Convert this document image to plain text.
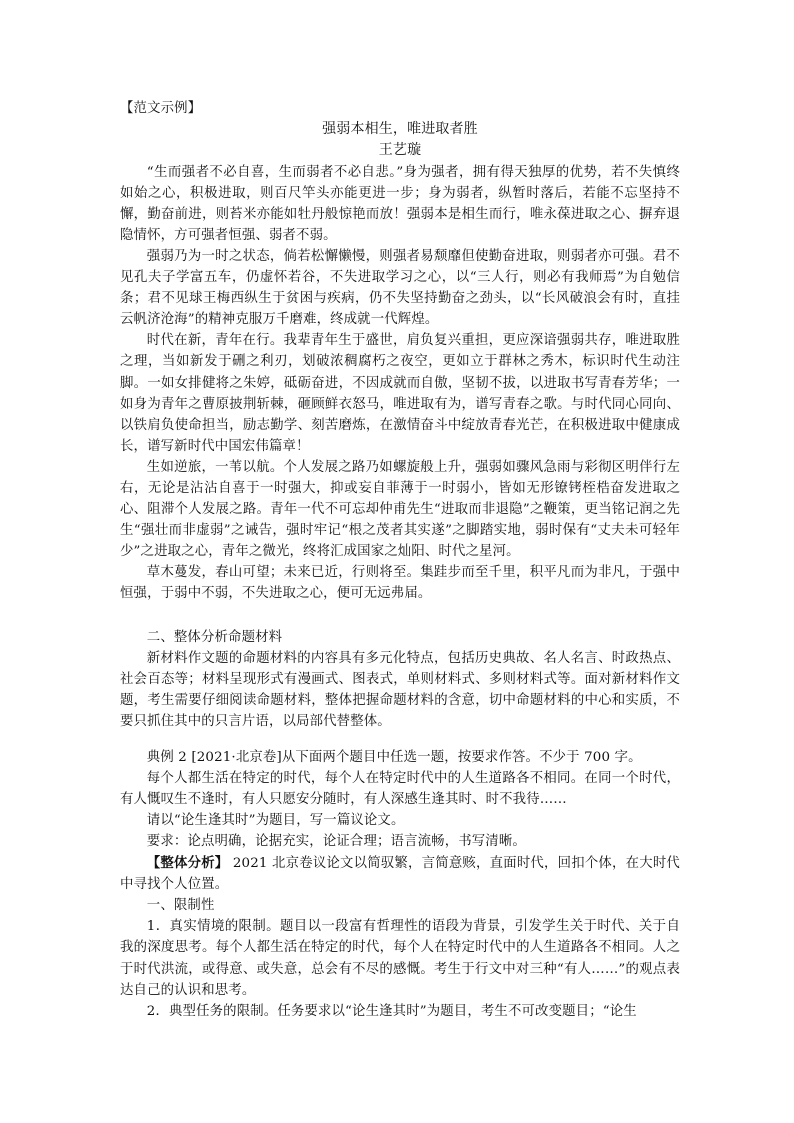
【范文示例】

强弱本相生，唯进取者胜

王艺璇

“生而强者不必自喜，生而弱者不必自悲。”身为强者，拥有得天独厚的优势，若不失慎终如始之心，积极进取，则百尺竿头亦能更进一步；身为弱者，纵暂时落后，若能不忘坚持不懈，勤奋前进，则苔米亦能如牡丹般惊艳而放！强弱本是相生而行，唯永葆进取之心、摒弃退隐情怀，方可强者恒强、弱者不弱。

强弱乃为一时之状态，倘若松懈懒慢，则强者易颓靡但使勤奋进取，则弱者亦可强。君不见孔夫子学富五车，仍虚怀若谷，不失进取学习之心，以“三人行，则必有我师焉”为自勉信条；君不见球王梅西纵生于贫困与疾病，仍不失坚持勤奋之劲头，以“长风破浪会有时，直挂云帆济沧海”的精神克服万千磨难，终成就一代辉煌。

时代在新，青年在行。我辈青年生于盛世，肩负复兴重担，更应深谙强弱共存，唯进取胜之理，当如新发于硎之利刃，划破浓稠腐朽之夜空，更如立于群林之秀木，标识时代生动注脚。一如女排健将之朱婷，砥砺奋进，不因成就而自傲，坚韧不拔，以进取书写青春芳华；一如身为青年之曹原披荆斩棘，砸顾鲜衣怒马，唯进取有为，谱写青春之歌。与时代同心同向、以铁肩负使命担当，励志勤学、刻苦磨炼，在激情奋斗中绽放青春光芒，在积极进取中健康成长，谱写新时代中国宏伟篇章！

生如逆旅，一苇以航。个人发展之路乃如螺旋般上升，强弱如骤风急雨与彩彻区明伴行左右，无论是沾沾自喜于一时强大，抑或妄自菲薄于一时弱小，皆如无形镣铐桎梏奋发进取之心、阻滞个人发展之路。青年一代不可忘却仲甫先生“进取而非退隐”之鞭策，更当铭记润之先生“强壮而非虚弱”之诫告，强时牢记“根之茂者其实遂”之脚踏实地，弱时保有“丈夫未可轻年少”之进取之心，青年之微光，终将汇成国家之灿阳、时代之星河。

草木蔓发，春山可望；未来已近，行则将至。集跬步而至千里，积平凡而为非凡，于强中恒强，于弱中不弱，不失进取之心，便可无远弗届。

二、整体分析命题材料

新材料作文题的命题材料的内容具有多元化特点，包括历史典故、名人名言、时政热点、社会百态等；材料呈现形式有漫画式、图表式，单则材料式、多则材料式等。面对新材料作文题，考生需要仔细阅读命题材料，整体把握命题材料的含意，切中命题材料的中心和实质，不要只抓住其中的只言片语，以局部代替整体。

典例 2 [2021·北京卷]从下面两个题目中任选一题，按要求作答。不少于 700 字。

每个人都生活在特定的时代，每个人在特定时代中的人生道路各不相同。在同一个时代，有人慨叹生不逢时，有人只愿安分随时，有人深感生逢其时、时不我待……

请以“论生逢其时”为题目，写一篇议论文。

要求：论点明确，论据充实，论证合理；语言流畅，书写清晰。

【整体分析】 2021 北京卷议论文以简驭繁，言简意赅，直面时代，回扣个体，在大时代中寻找个人位置。

一、限制性

1．真实情境的限制。题目以一段富有哲理性的语段为背景，引发学生关于时代、关于自我的深度思考。每个人都生活在特定的时代，每个人在特定时代中的人生道路各不相同。人之于时代洪流，或得意、或失意，总会有不尽的感慨。考生于行文中对三种“有人……”的观点表达自己的认识和思考。

2．典型任务的限制。任务要求以“论生逢其时”为题目，考生不可改变题目；“论生
